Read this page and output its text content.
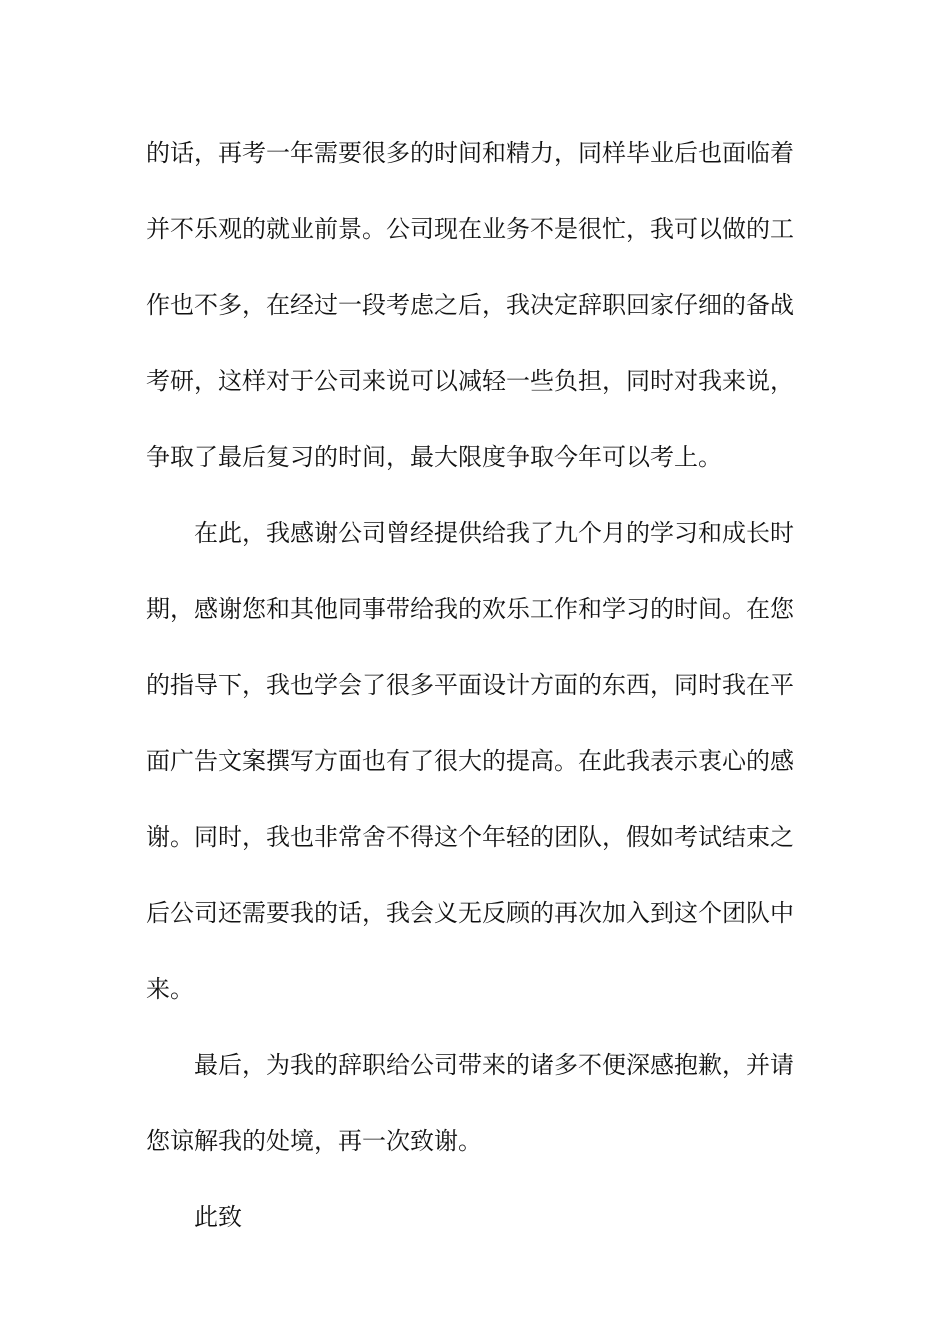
的话，再考一年需要很多的时间和精力，同样毕业后也面临着
并不乐观的就业前景。公司现在业务不是很忙，我可以做的工
作也不多，在经过一段考虑之后，我决定辞职回家仔细的备战
考研，这样对于公司来说可以减轻一些负担，同时对我来说，
争取了最后复习的时间，最大限度争取今年可以考上。
在此，我感谢公司曾经提供给我了九个月的学习和成长时
期，感谢您和其他同事带给我的欢乐工作和学习的时间。在您
的指导下，我也学会了很多平面设计方面的东西，同时我在平
面广告文案撰写方面也有了很大的提高。在此我表示衷心的感
谢。同时，我也非常舍不得这个年轻的团队，假如考试结束之
后公司还需要我的话，我会义无反顾的再次加入到这个团队中
来。
最后，为我的辞职给公司带来的诸多不便深感抱歉，并请
您谅解我的处境，再一次致谢。
此致
